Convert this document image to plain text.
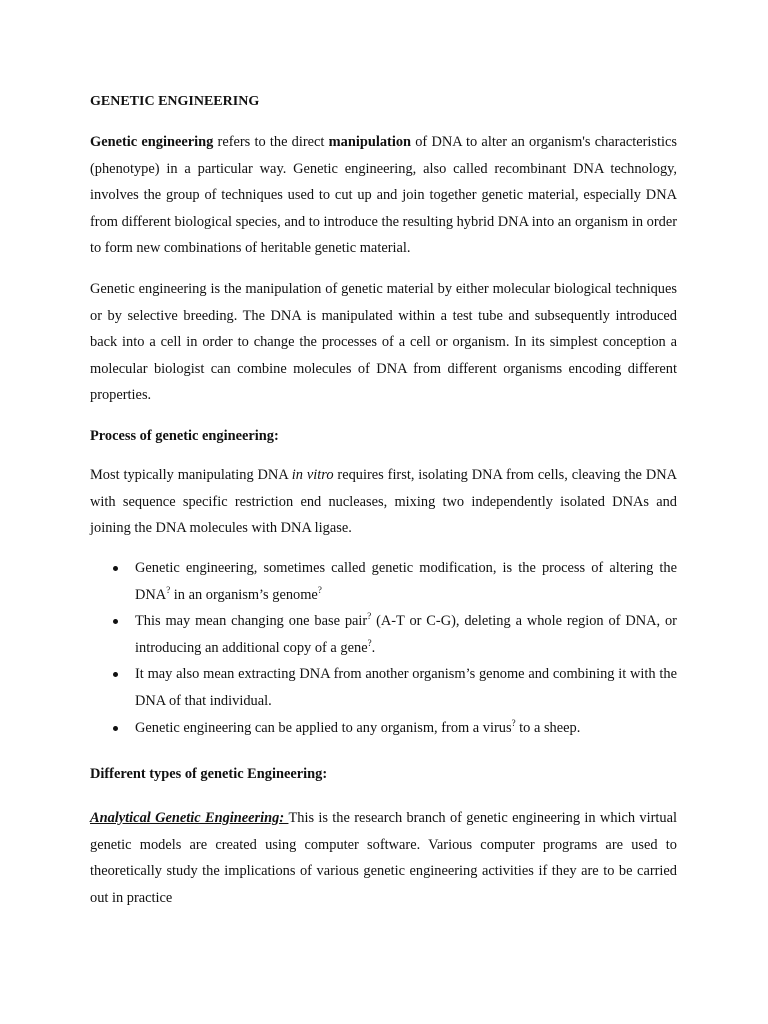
GENETIC ENGINEERING

Genetic engineering refers to the direct manipulation of DNA to alter an organism's characteristics (phenotype) in a particular way. Genetic engineering, also called recombinant DNA technology, involves the group of techniques used to cut up and join together genetic material, especially DNA from different biological species, and to introduce the resulting hybrid DNA into an organism in order to form new combinations of heritable genetic material.

Genetic engineering is the manipulation of genetic material by either molecular biological techniques or by selective breeding. The DNA is manipulated within a test tube and subsequently introduced back into a cell in order to change the processes of a cell or organism. In its simplest conception a molecular biologist can combine molecules of DNA from different organisms encoding different properties.

Process of genetic engineering:

Most typically manipulating DNA in vitro requires first, isolating DNA from cells, cleaving the DNA with sequence specific restriction end nucleases, mixing two independently isolated DNAs and joining the DNA molecules with DNA ligase.

Genetic engineering, sometimes called genetic modification, is the process of altering the DNA? in an organism’s genome?
This may mean changing one base pair? (A-T or C-G), deleting a whole region of DNA, or introducing an additional copy of a gene?.
It may also mean extracting DNA from another organism’s genome and combining it with the DNA of that individual.
Genetic engineering can be applied to any organism, from a virus? to a sheep.

Different types of genetic Engineering:

Analytical Genetic Engineering: This is the research branch of genetic engineering in which virtual genetic models are created using computer software. Various computer programs are used to theoretically study the implications of various genetic engineering activities if they are to be carried out in practice
